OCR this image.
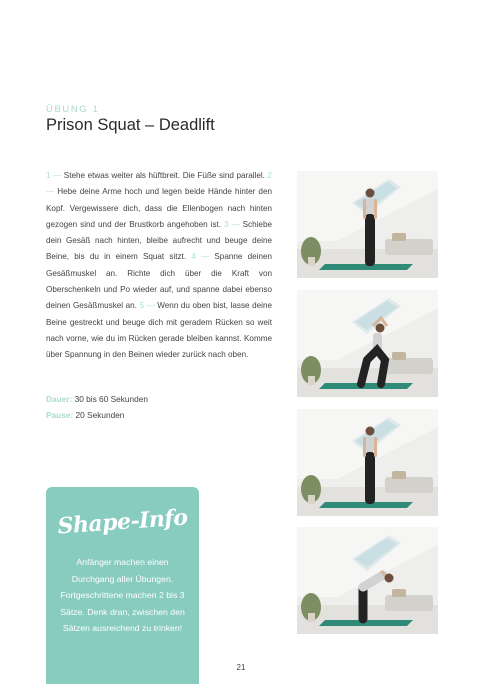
ÜBUNG 1
Prison Squat – Deadlift
1 — Stehe etwas weiter als hüftbreit. Die Füße sind parallel. 2 — Hebe deine Arme hoch und legen beide Hände hinter den Kopf. Vergewissere dich, dass die Ellenbogen nach hinten gezogen sind und der Brustkorb angehoben ist. 3 — Schiebe dein Gesäß nach hinten, bleibe aufrecht und beuge deine Beine, bis du in einem Squat sitzt. 4 — Spanne deinen Gesäßmuskel an. Richte dich über die Kraft von Oberschenkeln und Po wieder auf, und spanne dabei ebenso deinen Gesäßmuskel an. 5 — Wenn du oben bist, lasse deine Beine gestreckt und beuge dich mit geradem Rücken so weit nach vorne, wie du im Rücken gerade bleiben kannst. Komme über Spannung in den Beinen wieder zurück nach oben.
Dauer: 30 bis 60 Sekunden
Pause: 20 Sekunden
Shape-Info
Anfänger machen einen Durchgang aller Übungen. Fortgeschrittene machen 2 bis 3 Sätze. Denk dran, zwischen den Sätzen ausreichend zu trinken!
21
